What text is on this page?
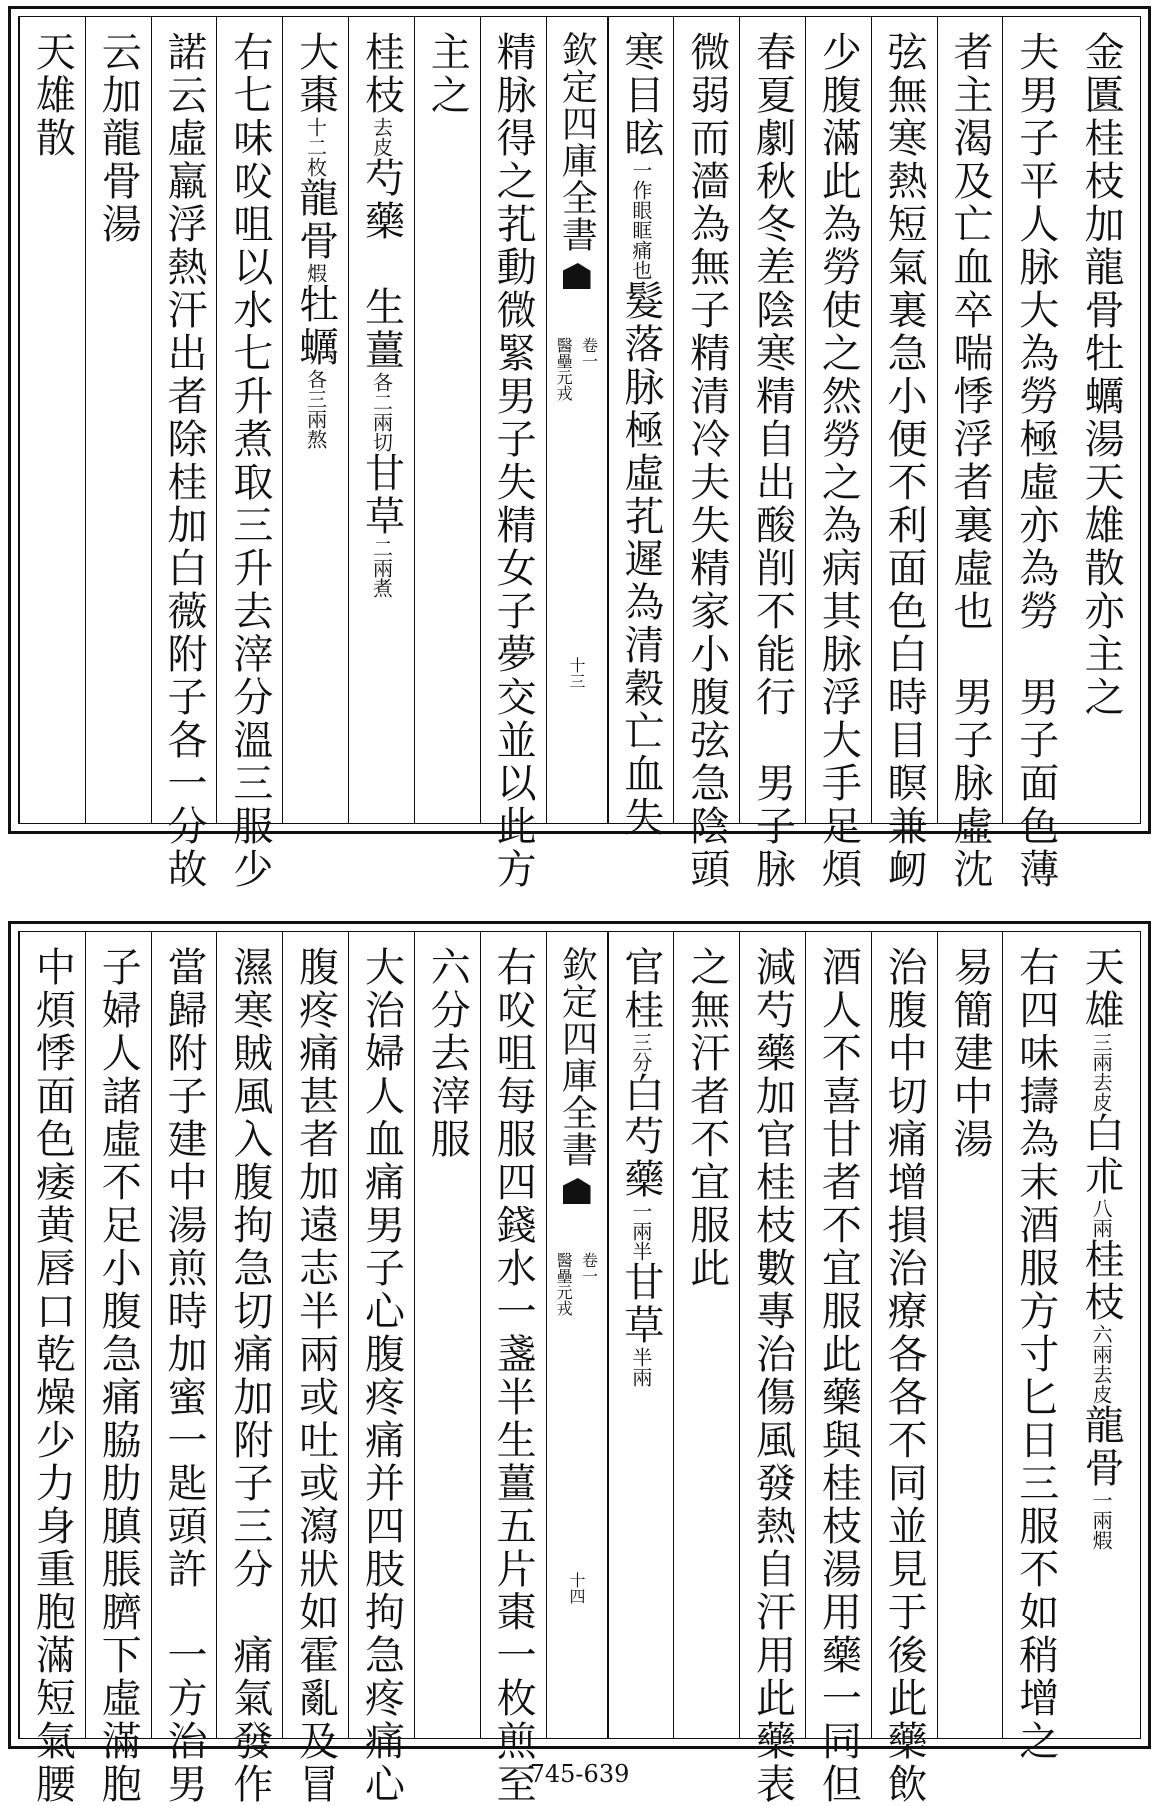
金匱桂枝加龍骨牡蠣湯天雄散亦主之
夫男子平人脉大為勞極虛亦為勞　男子面色薄
者主渴及亡血卒喘悸浮者裏虛也　男子脉虛沈
弦無寒熱短氣裏急小便不利面色白時目瞑兼衂
少腹滿此為勞使之然勞之為病其脉浮大手足煩
春夏劇秋冬差陰寒精自出酸削不能行　男子脉
微弱而濇為無子精清冷夫失精家小腹弦急陰頭
寒目眩一作眼眶痛也髮落脉極虛芤遲為清穀亡血失
欽定四庫全書
醫壘元戎 卷一
十三
精脉得之芤動微緊男子失精女子夢交並以此方
主之
桂枝去皮芍藥　生薑各二兩切甘草二兩煮
大棗十二枚龍骨煆牡蠣各三兩熬
右七味㕮咀以水七升煮取三升去滓分溫三服少
諾云虛羸浮熱汗出者除桂加白薇附子各一分故
云加龍骨湯
天雄散
天雄三兩去皮白朮八兩桂枝六兩去皮龍骨一兩煆
右四味擣為末酒服方寸匕日三服不如稍增之
易簡建中湯
治腹中切痛增損治療各各不同並見于後此藥飲
酒人不喜甘者不宜服此藥與桂枝湯用藥一同但
減芍藥加官桂枝數專治傷風發熱自汗用此藥表
之無汗者不宜服此
官桂三分白芍藥一兩半甘草半兩
欽定四庫全書
醫壘元戎 卷一
十四
右㕮咀每服四錢水一盞半生薑五片棗一枚煎至
六分去滓服
大治婦人血痛男子心腹疼痛并四肢拘急疼痛心
腹疼痛甚者加遠志半兩或吐或瀉狀如霍亂及冒
濕寒賊風入腹拘急切痛加附子三分　痛氣發作
當歸附子建中湯煎時加蜜一匙頭許　一方治男
子婦人諸虛不足小腹急痛脇肋䐜脹臍下虛滿胞
中煩悸面色痿黄唇口乾燥少力身重胞滿短氣腰	745-639
